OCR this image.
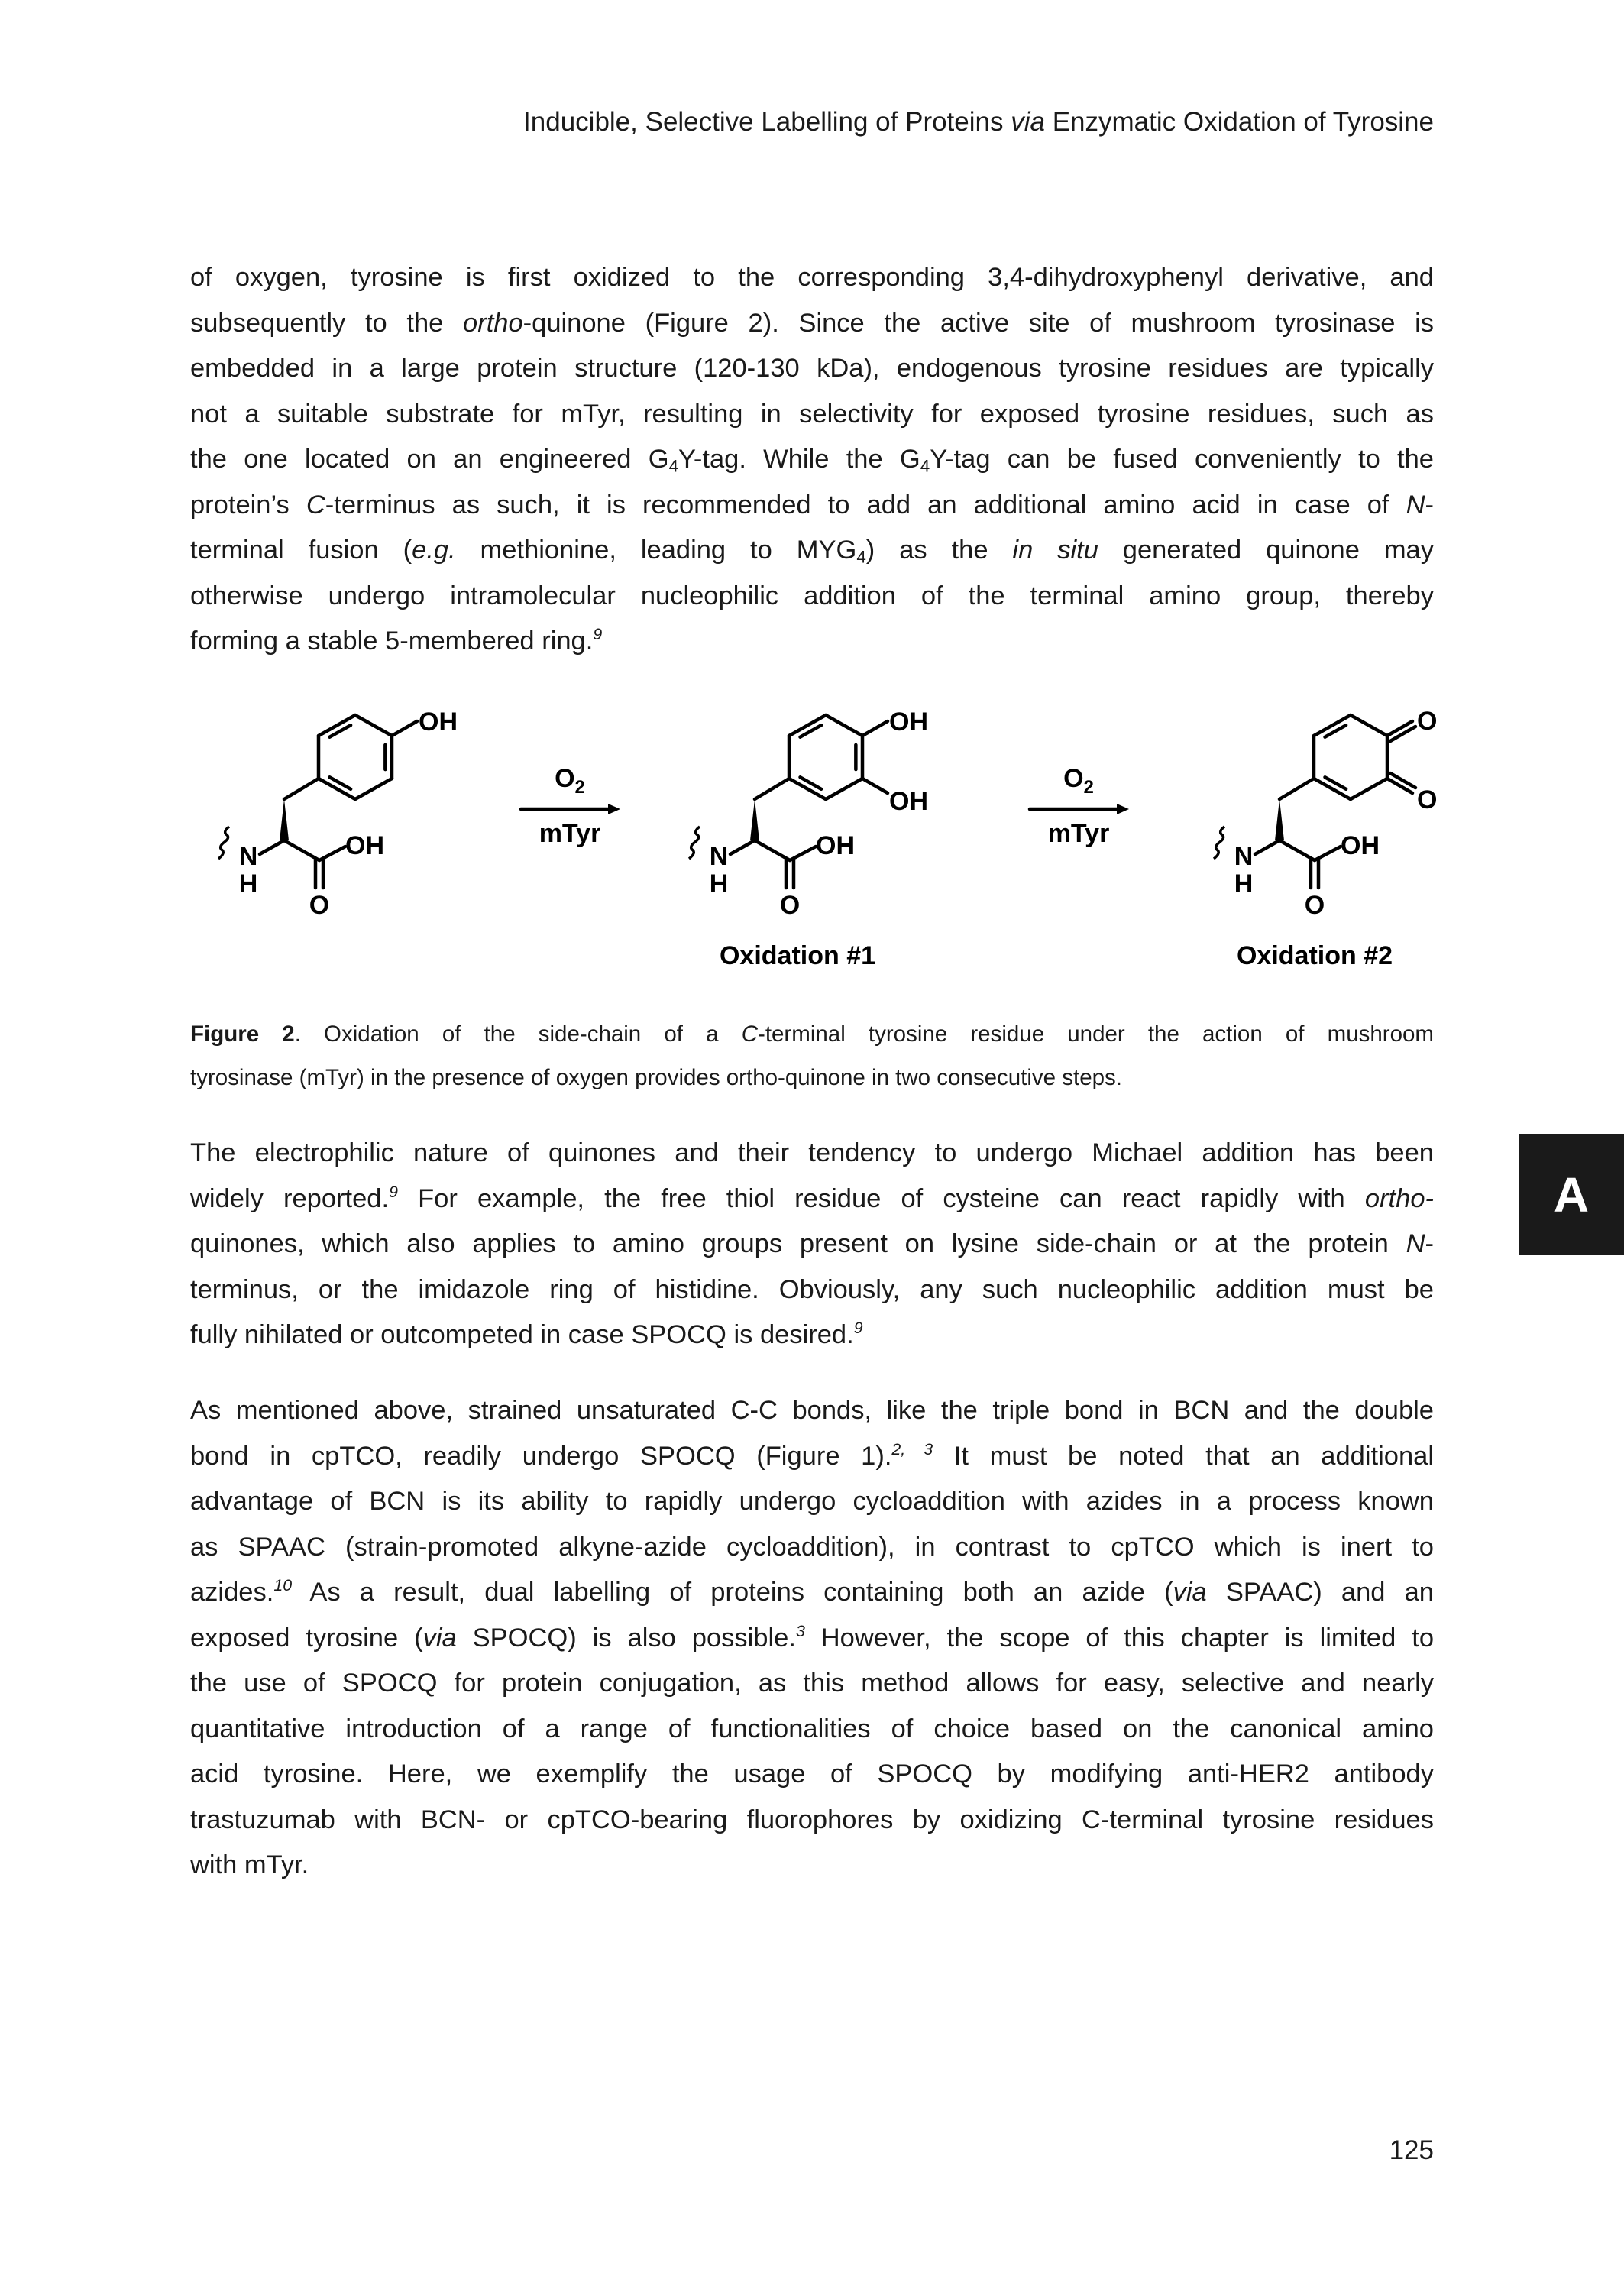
Inducible, Selective Labelling of Proteins via Enzymatic Oxidation of Tyrosine
of oxygen, tyrosine is first oxidized to the corresponding 3,4-dihydroxyphenyl derivative, and
subsequently to the ortho-quinone (Figure 2). Since the active site of mushroom tyrosinase is
embedded in a large protein structure (120-130 kDa), endogenous tyrosine residues are typically
not a suitable substrate for mTyr, resulting in selectivity for exposed tyrosine residues, such as
the one located on an engineered $G_4Y$-tag. While the $G_4Y$-tag can be fused conveniently to the
protein’s C-terminus as such, it is recommended to add an additional amino acid in case of N-
terminal fusion (e.g. methionine, leading to $MYG_4$) as the in situ generated quinone may
otherwise undergo intramolecular nucleophilic addition of the terminal amino group, thereby
forming a stable 5-membered ring.$^9$
OH
N
H
OH
O
OH
OH
N
H
OH
O
O
O
N
H
OH
O
$O_2$
mTyr
$O_2$
mTyr
Oxidation #1	Oxidation #2
Figure 2. Oxidation of the side-chain of a C-terminal tyrosine residue under the action of mushroom
tyrosinase (mTyr) in the presence of oxygen provides ortho-quinone in two consecutive steps.
The electrophilic nature of quinones and their tendency to undergo Michael addition has been
widely reported.$^9$ For example, the free thiol residue of cysteine can react rapidly with ortho-
quinones, which also applies to amino groups present on lysine side-chain or at the protein N-
terminus, or the imidazole ring of histidine. Obviously, any such nucleophilic addition must be
fully nihilated or outcompeted in case SPOCQ is desired.$^9$
As mentioned above, strained unsaturated C-C bonds, like the triple bond in BCN and the double
bond in cpTCO, readily undergo SPOCQ (Figure 1).$^{2, 3}$ It must be noted that an additional
advantage of BCN is its ability to rapidly undergo cycloaddition with azides in a process known
as SPAAC (strain-promoted alkyne-azide cycloaddition), in contrast to cpTCO which is inert to
azides.$^{10}$ As a result, dual labelling of proteins containing both an azide (via SPAAC) and an
exposed tyrosine (via SPOCQ) is also possible.$^3$ However, the scope of this chapter is limited to
the use of SPOCQ for protein conjugation, as this method allows for easy, selective and nearly
quantitative introduction of a range of functionalities of choice based on the canonical amino
acid tyrosine. Here, we exemplify the usage of SPOCQ by modifying anti-HER2 antibody
trastuzumab with BCN- or cpTCO-bearing fluorophores by oxidizing C-terminal tyrosine residues
with mTyr.
A
125
